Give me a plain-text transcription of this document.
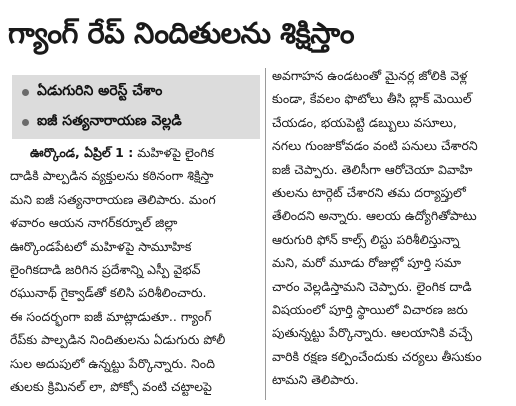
గ్యాంగ్ రేప్ నిందితులను శిక్షిస్తాం
ఏడుగురిని అరెస్ట్ చేశాం
ఐజీ సత్యనారాయణ వెల్లడి
ఊర్కొండ, ఏప్రిల్ 1 : మహిళపై లైంగిక
దాడికి పాల్పడిన వ్యక్తులను కఠినంగా శిక్షిస్తా
మని ఐజీ సత్యనారాయణ తెలిపారు. మంగ
ళవారం ఆయన నాగర్‌కర్నూల్ జిల్లా
ఊర్కొండపేటలో మహిళపై సామూహిక
లైంగికదాడి జరిగిన ప్రదేశాన్ని ఎస్పీ వైభవ్
రఘునాథ్ గైక్వాడ్‌తో కలిసి పరిశీలించారు.
ఈ సందర్భంగా ఐజీ మాట్లాడుతూ.. గ్యాంగ్
రేప్‌కు పాల్పడిన నిందితులను ఏడుగురు పోలీ
సుల అదుపులో ఉన్నట్టు పేర్కొన్నారు. నింది
తులకు క్రిమినల్ లా, పోక్సో వంటి చట్టాలపై
అవగాహన ఉండటంతో మైనర్ల జోలికి వెళ్ల
కుండా, కేవలం ఫొటోలు తీసి బ్లాక్ మెయిల్
చేయడం, భయపెట్టి డబ్బులు వసూలు,
నగలు గుంజుకోవడం వంటి పనులు చేశారని
ఐజీ చెప్పారు. తెలిసీగా ఆరోచెయా వివాహి
తులను టార్గెట్ చేశారని తమ దర్యాప్తులో
తేలిందని అన్నారు. ఆలయ ఉద్యోగితోపాటు
ఆరుగురి ఫోన్ కాల్స్ లిస్టు పరిశీలిస్తున్నా
మని, మరో మూడు రోజుల్లో పూర్తి సమా
చారం వెల్లడిస్తామని చెప్పారు. లైంగిక దాడి
విషయంలో పూర్తి స్థాయిలో విచారణ జరు
పుతున్నట్టు పేర్కొన్నారు. ఆలయానికి వచ్చే
వారికి రక్షణ కల్పించేందుకు చర్యలు తీసుకుం
టామని తెలిపారు.
